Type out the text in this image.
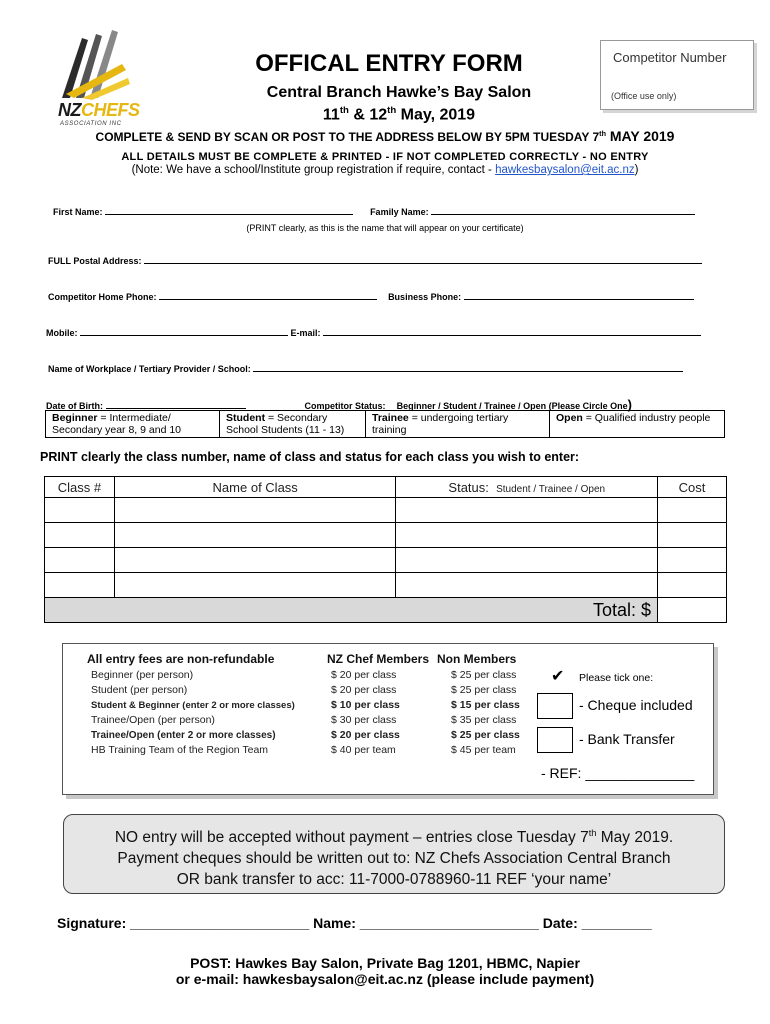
NZCHEFS
ASSOCIATION INC
OFFICAL ENTRY FORM
Central Branch Hawke’s Bay Salon
11th & 12th May, 2019
Competitor Number
(Office use only)
COMPLETE & SEND BY SCAN OR POST TO THE ADDRESS BELOW BY 5PM TUESDAY 7th MAY 2019
ALL DETAILS MUST BE COMPLETE & PRINTED - IF NOT COMPLETED CORRECTLY - NO ENTRY
(Note: We have a school/Institute group registration if require, contact - hawkesbaysalon@eit.ac.nz)
First Name:	Family Name:
(PRINT clearly, as this is the name that will appear on your certificate)
FULL Postal Address:
Competitor Home Phone:	Business Phone:
Mobile:	E-mail:
Name of Workplace / Tertiary Provider / School:
Date of Birth:	Competitor Status: Beginner / Student / Trainee / Open (Please Circle One)
Beginner = Intermediate/ Secondary year 8, 9 and 10
Student = Secondary School Students (11 - 13)
Trainee = undergoing tertiary training
Open = Qualified industry people
PRINT clearly the class number, name of class and status for each class you wish to enter:
Class #	Name of Class	Status: Student / Trainee / Open	Cost

Total: $			
All entry fees are non-refundable	NZ Chef Members Non Members
Beginner (per person)	$ 20 per class	$ 25 per class
Student (per person)	$ 20 per class	$ 25 per class
Student & Beginner (enter 2 or more classes)	$ 10 per class	$ 15 per class
Trainee/Open (per person)	$ 30 per class	$ 35 per class
Trainee/Open (enter 2 or more classes)	$ 20 per class	$ 25 per class
HB Training Team of the Region Team	$ 40 per team	$ 45 per team
✔ Please tick one:
- Cheque included
- Bank Transfer
- REF: ______________
NO entry will be accepted without payment – entries close Tuesday 7th May 2019.
Payment cheques should be written out to: NZ Chefs Association Central Branch
OR bank transfer to acc: 11-7000-0788960-11 REF ‘your name’
Signature: _______________________ Name: _______________________ Date: _________
POST: Hawkes Bay Salon, Private Bag 1201, HBMC, Napier
or e-mail: hawkesbaysalon@eit.ac.nz (please include payment)
